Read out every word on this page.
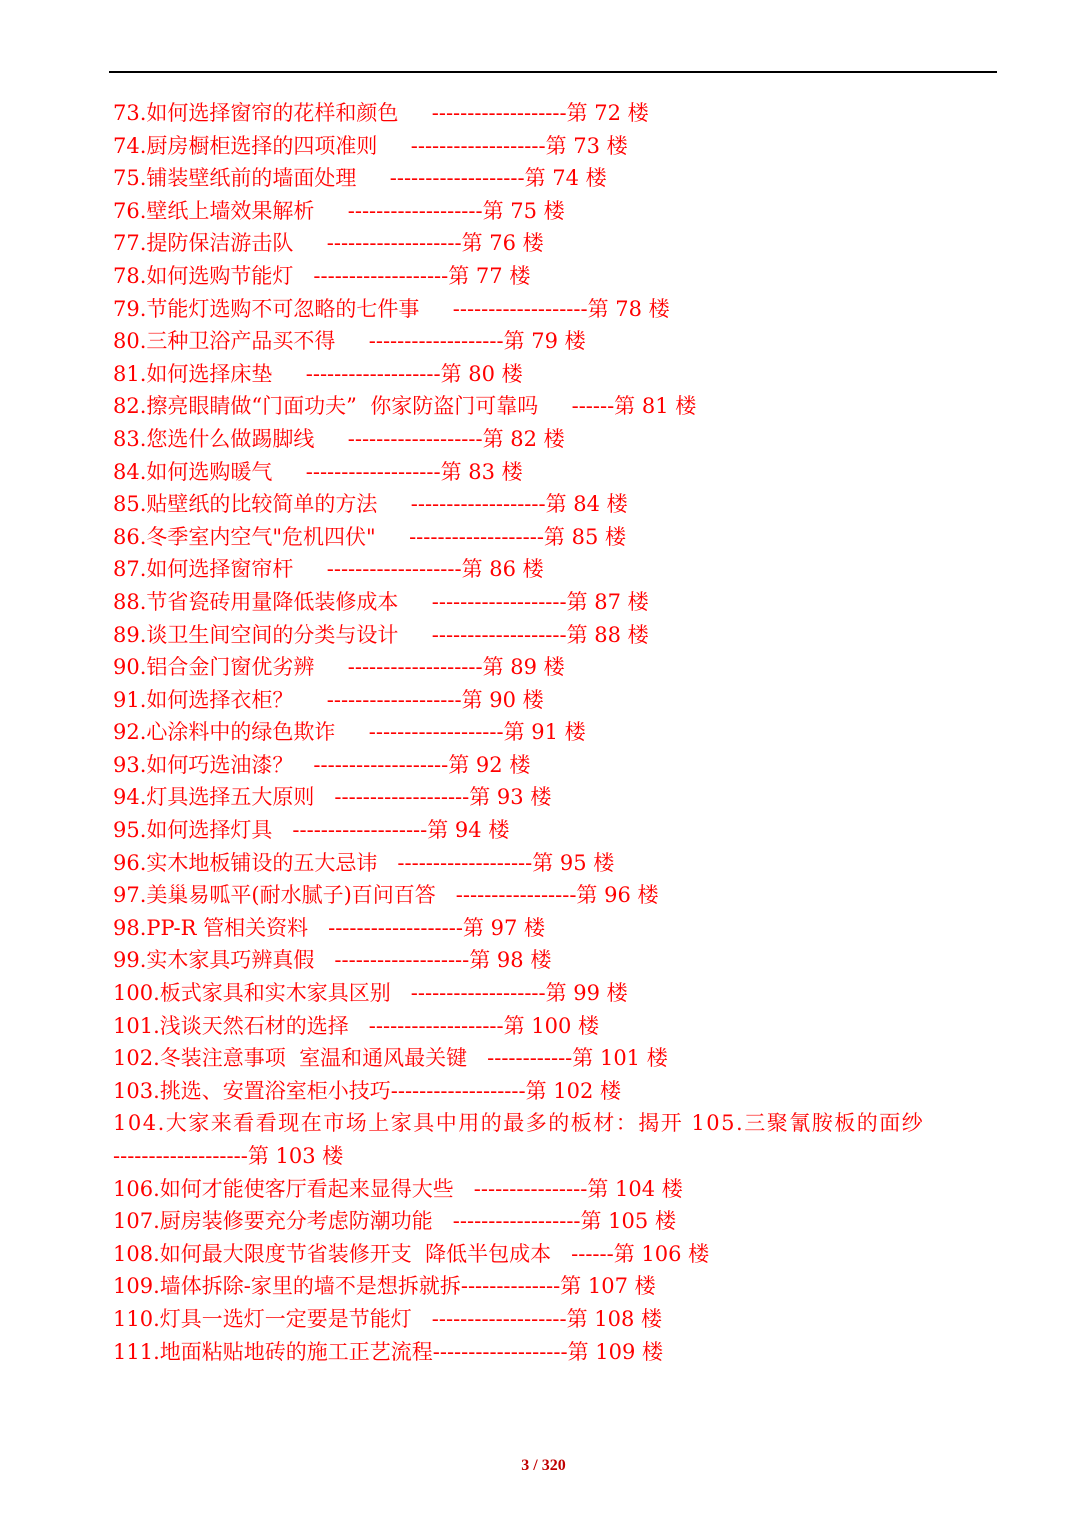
73.如何选择窗帘的花样和颜色     -------------------第 72 楼
74.厨房橱柜选择的四项准则     -------------------第 73 楼
75.铺装壁纸前的墙面处理     -------------------第 74 楼
76.壁纸上墙效果解析     -------------------第 75 楼
77.提防保洁游击队     -------------------第 76 楼
78.如何选购节能灯   -------------------第 77 楼
79.节能灯选购不可忽略的七件事     -------------------第 78 楼
80.三种卫浴产品买不得     -------------------第 79 楼
81.如何选择床垫     -------------------第 80 楼
82.擦亮眼睛做“门面功夫”  你家防盗门可靠吗     ------第 81 楼
83.您选什么做踢脚线     -------------------第 82 楼
84.如何选购暖气     -------------------第 83 楼
85.贴壁纸的比较简单的方法     -------------------第 84 楼
86.冬季室内空气"危机四伏"     -------------------第 85 楼
87.如何选择窗帘杆     -------------------第 86 楼
88.节省瓷砖用量降低装修成本     -------------------第 87 楼
89.谈卫生间空间的分类与设计     -------------------第 88 楼
90.铝合金门窗优劣辨     -------------------第 89 楼
91.如何选择衣柜？     -------------------第 90 楼
92.心涂料中的绿色欺诈     -------------------第 91 楼
93.如何巧选油漆？   -------------------第 92 楼
94.灯具选择五大原则   -------------------第 93 楼
95.如何选择灯具   -------------------第 94 楼
96.实木地板铺设的五大忌讳   -------------------第 95 楼
97.美巢易呱平(耐水腻子)百问百答   -----------------第 96 楼
98.PP-R 管相关资料   -------------------第 97 楼
99.实木家具巧辨真假   -------------------第 98 楼
100.板式家具和实木家具区别   -------------------第 99 楼
101.浅谈天然石材的选择   -------------------第 100 楼
102.冬装注意事项  室温和通风最关键   ------------第 101 楼
103.挑选、安置浴室柜小技巧-------------------第 102 楼
104.大家来看看现在市场上家具中用的最多的板材：揭开 105.三聚氰胺板的面纱
-------------------第 103 楼
106.如何才能使客厅看起来显得大些   ----------------第 104 楼
107.厨房装修要充分考虑防潮功能   ------------------第 105 楼
108.如何最大限度节省装修开支  降低半包成本   ------第 106 楼
109.墙体拆除-家里的墙不是想拆就拆--------------第 107 楼
110.灯具一选灯一定要是节能灯   -------------------第 108 楼
111.地面粘贴地砖的施工正艺流程-------------------第 109 楼
3 / 320
